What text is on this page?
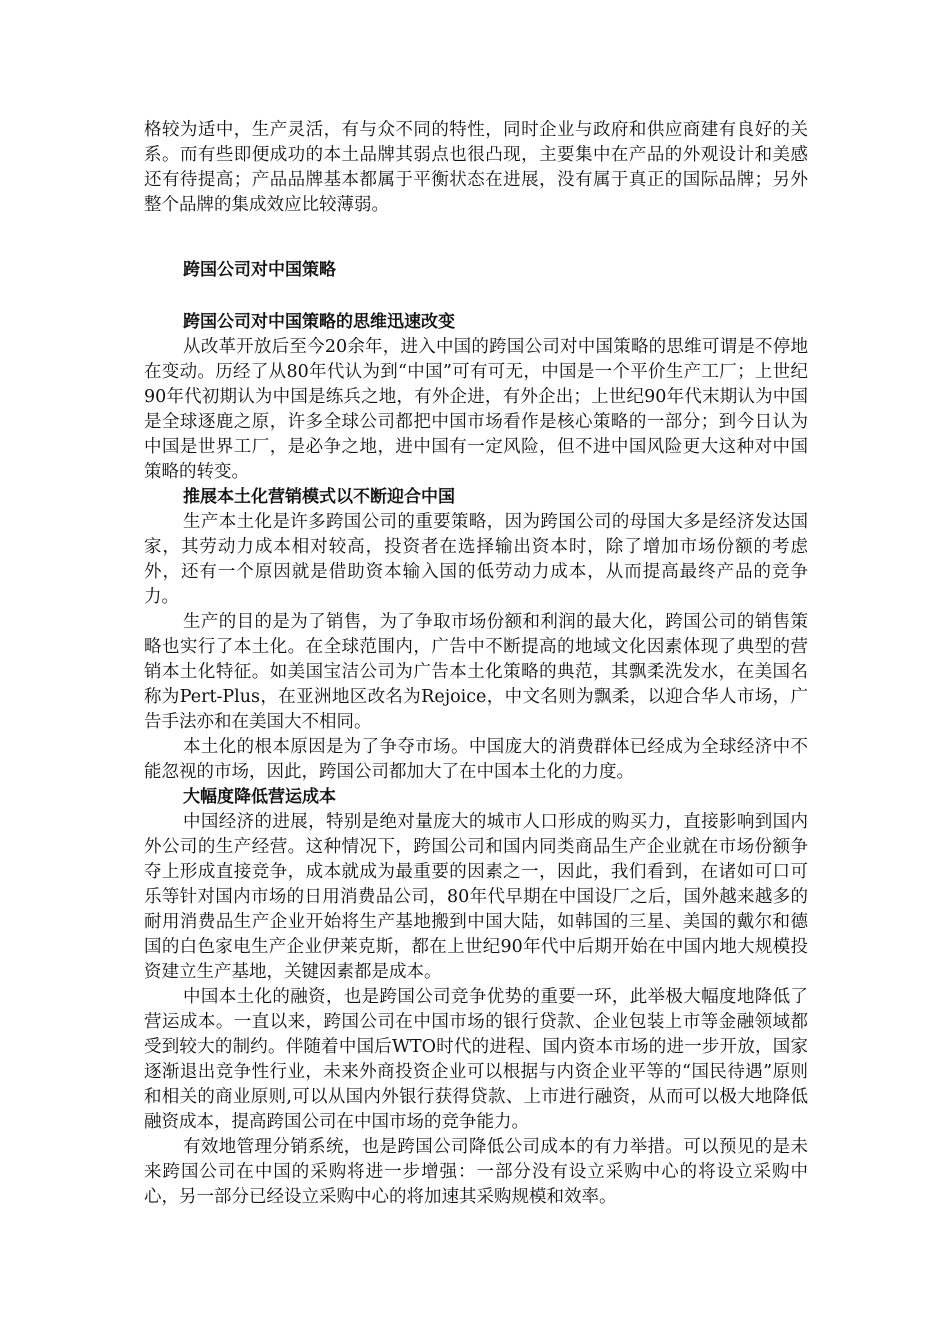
格较为适中，生产灵活，有与众不同的特性，同时企业与政府和供应商建有良好的关系。而有些即便成功的本土品牌其弱点也很凸现，主要集中在产品的外观设计和美感还有待提高；产品品牌基本都属于平衡状态在进展，没有属于真正的国际品牌；另外整个品牌的集成效应比较薄弱。

跨国公司对中国策略
跨国公司对中国策略的思维迅速改变

从改革开放后至今20余年，进入中国的跨国公司对中国策略的思维可谓是不停地在变动。历经了从80年代认为到“中国”可有可无，中国是一个平价生产工厂；上世纪90年代初期认为中国是练兵之地，有外企进，有外企出；上世纪90年代末期认为中国是全球逐鹿之原，许多全球公司都把中国市场看作是核心策略的一部分；到今日认为中国是世界工厂，是必争之地，进中国有一定风险，但不进中国风险更大这种对中国策略的转变。

推展本土化营销模式以不断迎合中国

生产本土化是许多跨国公司的重要策略，因为跨国公司的母国大多是经济发达国家，其劳动力成本相对较高，投资者在选择输出资本时，除了增加市场份额的考虑外，还有一个原因就是借助资本输入国的低劳动力成本，从而提高最终产品的竞争力。

生产的目的是为了销售，为了争取市场份额和利润的最大化，跨国公司的销售策略也实行了本土化。在全球范围内，广告中不断提高的地域文化因素体现了典型的营销本土化特征。如美国宝洁公司为广告本土化策略的典范，其飘柔洗发水，在美国名称为Pert-Plus，在亚洲地区改名为Rejoice，中文名则为飘柔，以迎合华人市场，广告手法亦和在美国大不相同。

本土化的根本原因是为了争夺市场。中国庞大的消费群体已经成为全球经济中不能忽视的市场，因此，跨国公司都加大了在中国本土化的力度。

大幅度降低营运成本

中国经济的进展，特别是绝对量庞大的城市人口形成的购买力，直接影响到国内外公司的生产经营。这种情况下，跨国公司和国内同类商品生产企业就在市场份额争夺上形成直接竞争，成本就成为最重要的因素之一，因此，我们看到，在诸如可口可乐等针对国内市场的日用消费品公司，80年代早期在中国设厂之后，国外越来越多的耐用消费品生产企业开始将生产基地搬到中国大陆，如韩国的三星、美国的戴尔和德国的白色家电生产企业伊莱克斯，都在上世纪90年代中后期开始在中国内地大规模投资建立生产基地，关键因素都是成本。

中国本土化的融资，也是跨国公司竞争优势的重要一环，此举极大幅度地降低了营运成本。一直以来，跨国公司在中国市场的银行贷款、企业包装上市等金融领域都受到较大的制约。伴随着中国后WTO时代的进程、国内资本市场的进一步开放，国家逐渐退出竞争性行业，未来外商投资企业可以根据与内资企业平等的“国民待遇”原则和相关的商业原则,可以从国内外银行获得贷款、上市进行融资，从而可以极大地降低融资成本，提高跨国公司在中国市场的竞争能力。

有效地管理分销系统，也是跨国公司降低公司成本的有力举措。可以预见的是未来跨国公司在中国的采购将进一步增强：一部分没有设立采购中心的将设立采购中心，另一部分已经设立采购中心的将加速其采购规模和效率。
